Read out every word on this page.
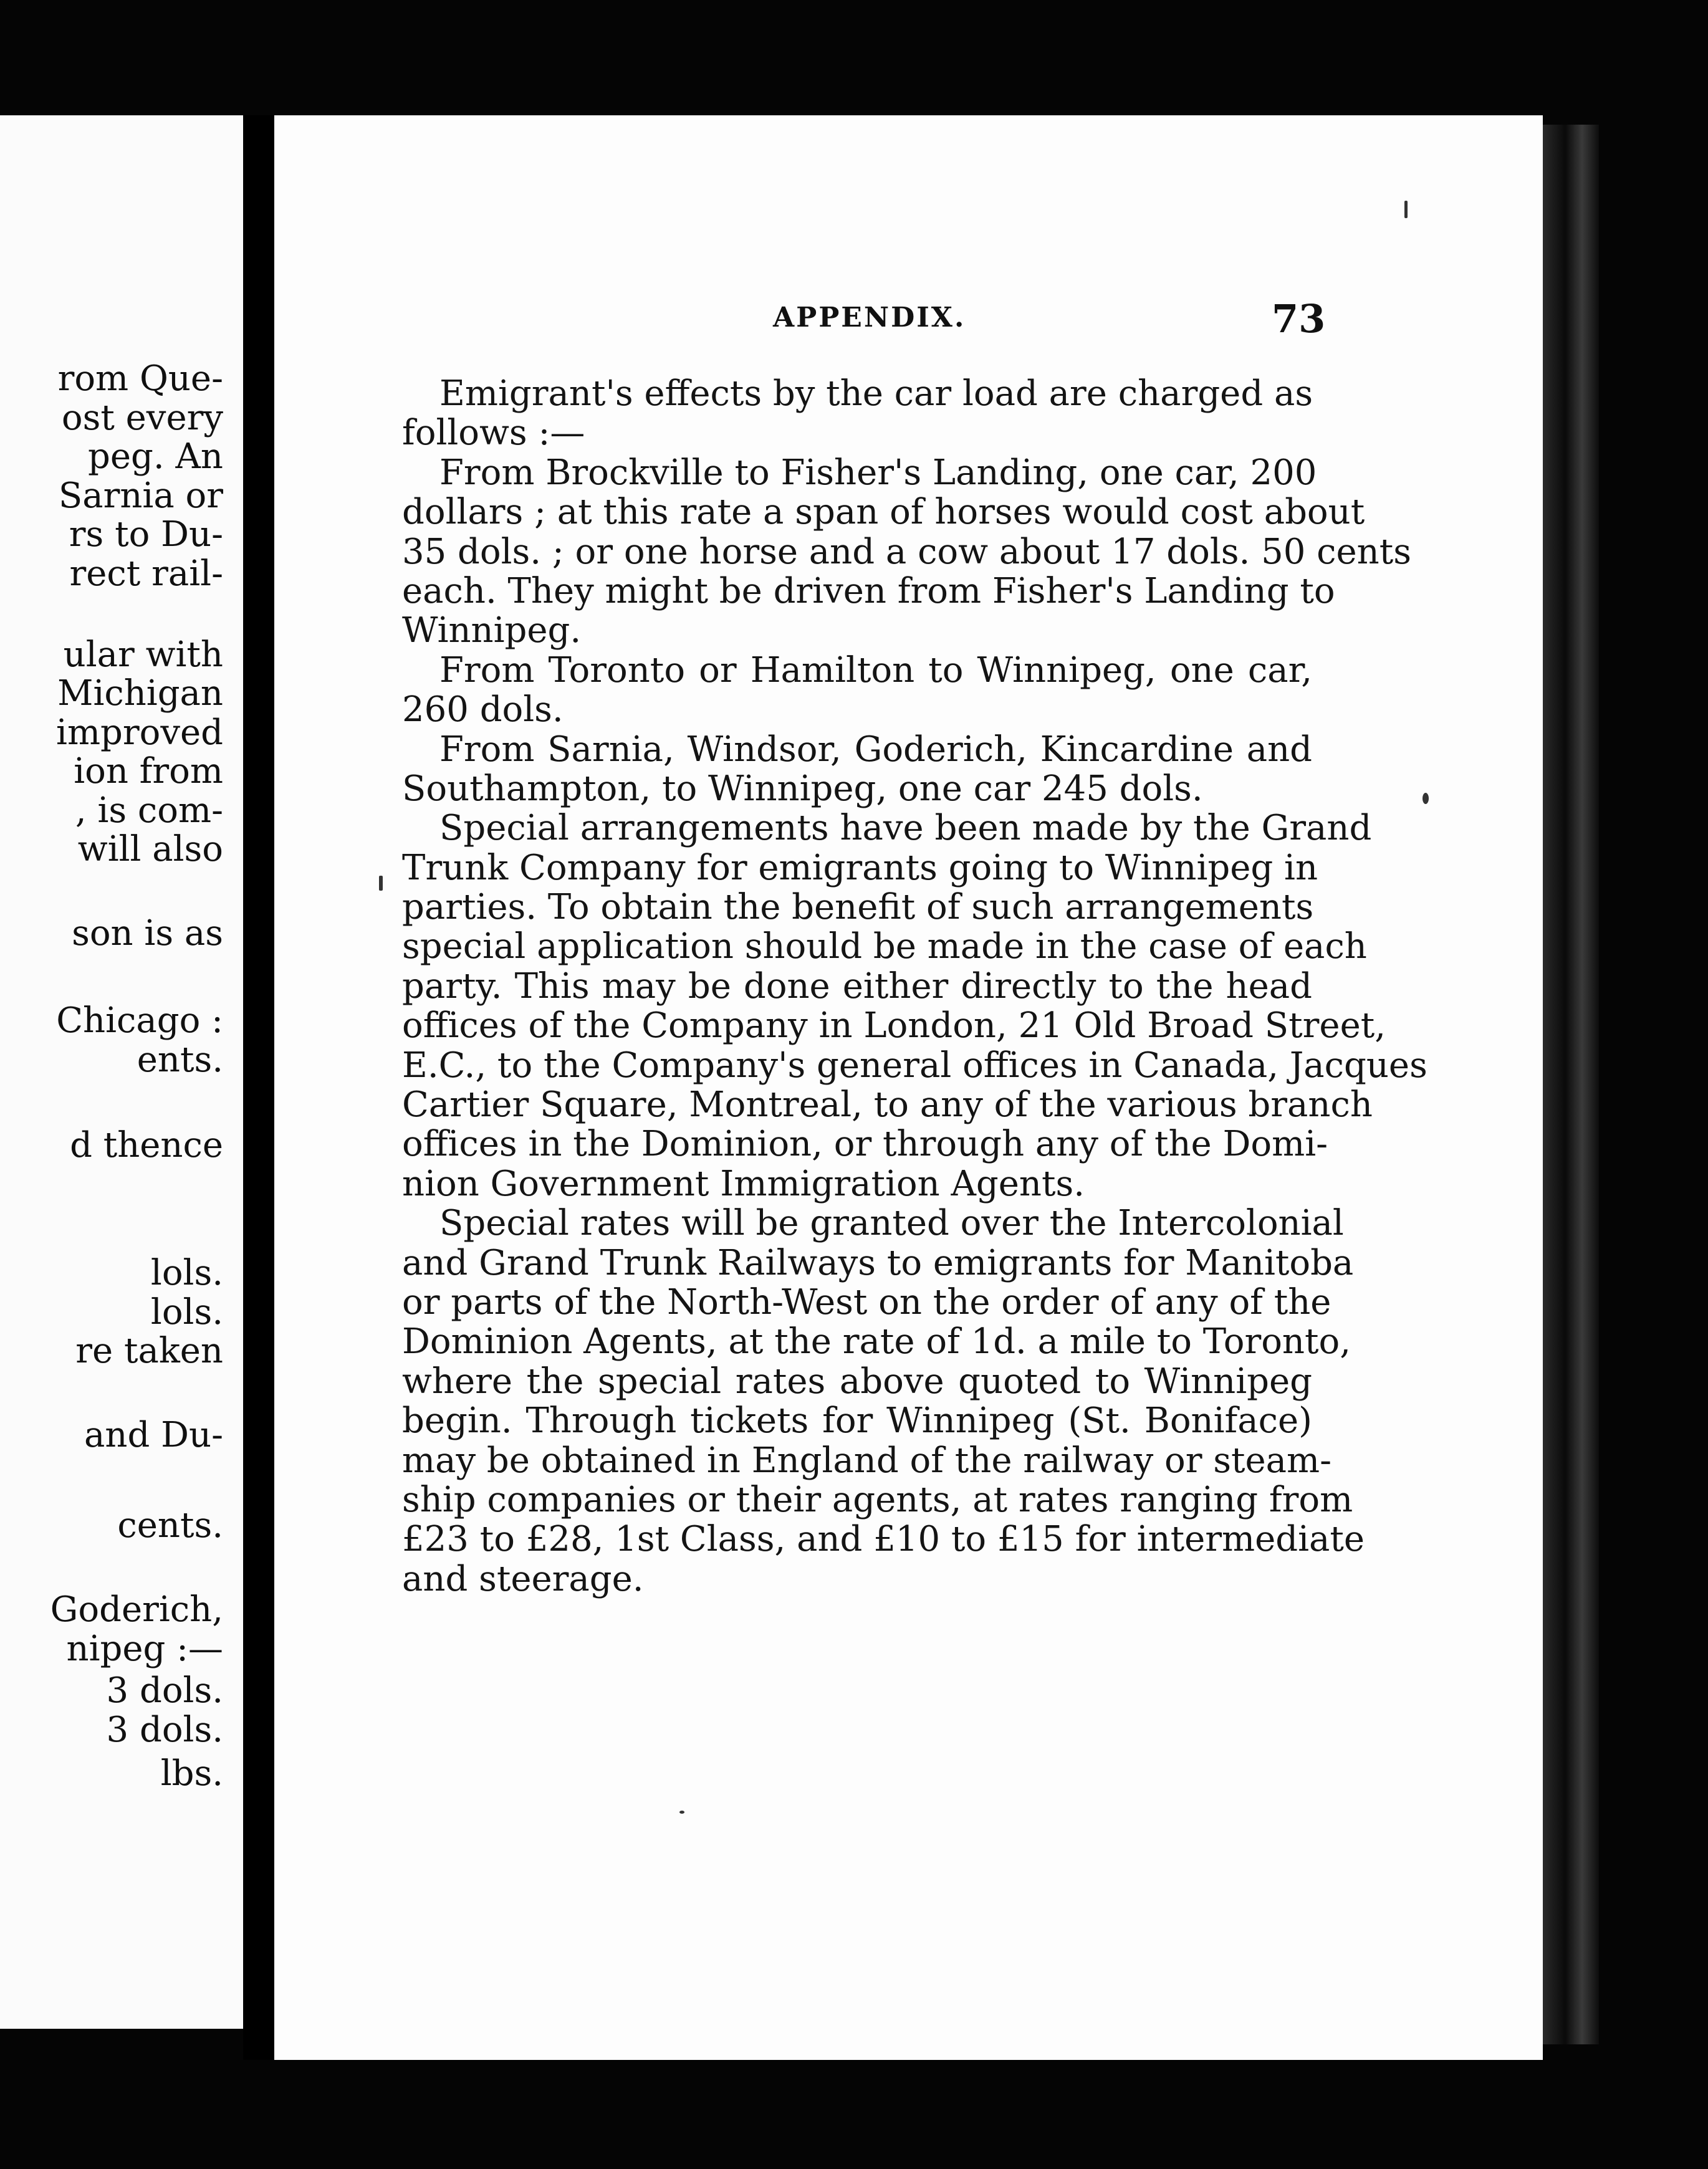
rom Que-
ost every
peg. An
Sarnia or
rs to Du-
rect rail-
ular with
Michigan
improved
ion from
, is com-
will also
son is as
Chicago :
ents.
d thence
lols.
lols.
re taken
and Du-
cents.
Goderich,
nipeg :—
3 dols.
3 dols.
lbs.
APPENDIX.	73
Emigrant's effects by the car load are charged as
follows :—
From Brockville to Fisher's Landing, one car, 200
dollars ; at this rate a span of horses would cost about
35 dols. ; or one horse and a cow about 17 dols. 50 cents
each. They might be driven from Fisher's Landing to
Winnipeg.
From Toronto or Hamilton to Winnipeg, one car,
260 dols.
From Sarnia, Windsor, Goderich, Kincardine and
Southampton, to Winnipeg, one car 245 dols.
Special arrangements have been made by the Grand
Trunk Company for emigrants going to Winnipeg in
parties. To obtain the benefit of such arrangements
special application should be made in the case of each
party. This may be done either directly to the head
offices of the Company in London, 21 Old Broad Street,
E.C., to the Company's general offices in Canada, Jacques
Cartier Square, Montreal, to any of the various branch
offices in the Dominion, or through any of the Domi-
nion Government Immigration Agents.
Special rates will be granted over the Intercolonial
and Grand Trunk Railways to emigrants for Manitoba
or parts of the North-West on the order of any of the
Dominion Agents, at the rate of 1d. a mile to Toronto,
where the special rates above quoted to Winnipeg
begin. Through tickets for Winnipeg (St. Boniface)
may be obtained in England of the railway or steam-
ship companies or their agents, at rates ranging from
£23 to £28, 1st Class, and £10 to £15 for intermediate
and steerage.
